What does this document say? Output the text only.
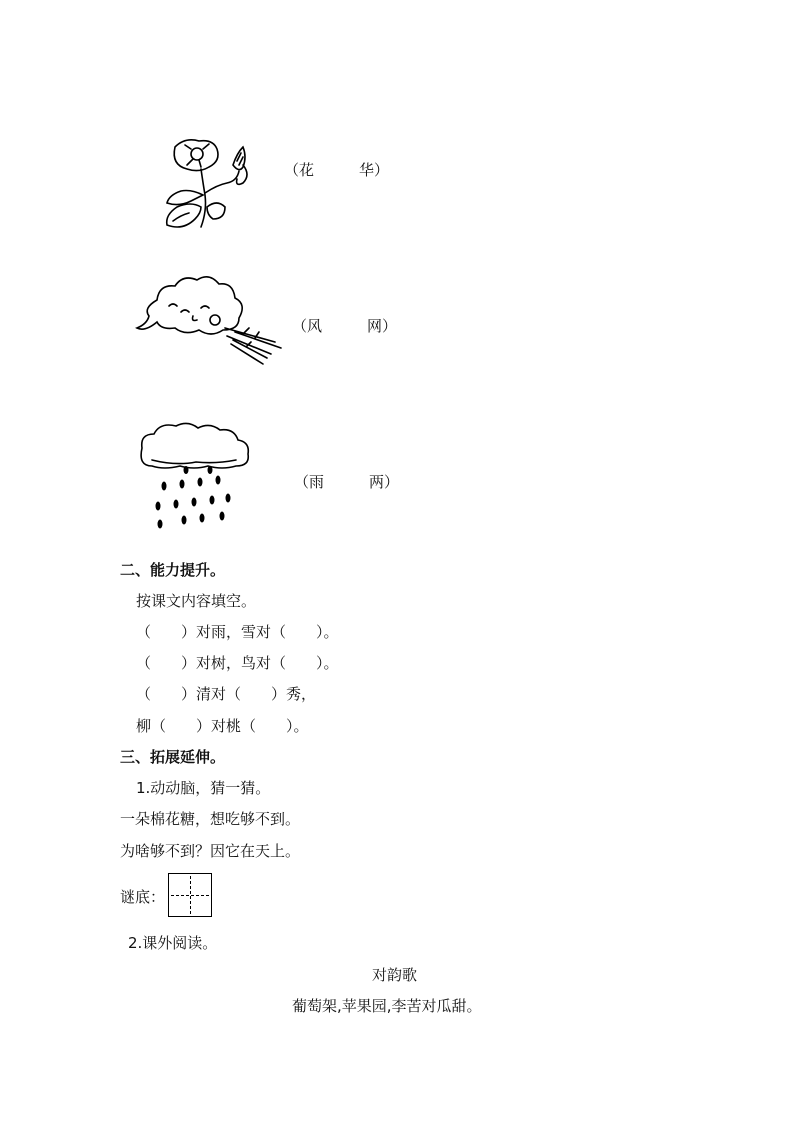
（花	华）
（风	网）
（雨	两）
二、能力提升。
按课文内容填空。
（　　）对雨，雪对（　　）。
（　　）对树，鸟对（　　）。
（　　）清对（　　）秀，
柳（　　）对桃（　　）。
三、拓展延伸。
1.动动脑，猜一猜。
一朵棉花糖，想吃够不到。
为啥够不到？因它在天上。
谜底：
2.课外阅读。
对韵歌
葡萄架,苹果园,李苦对瓜甜。
